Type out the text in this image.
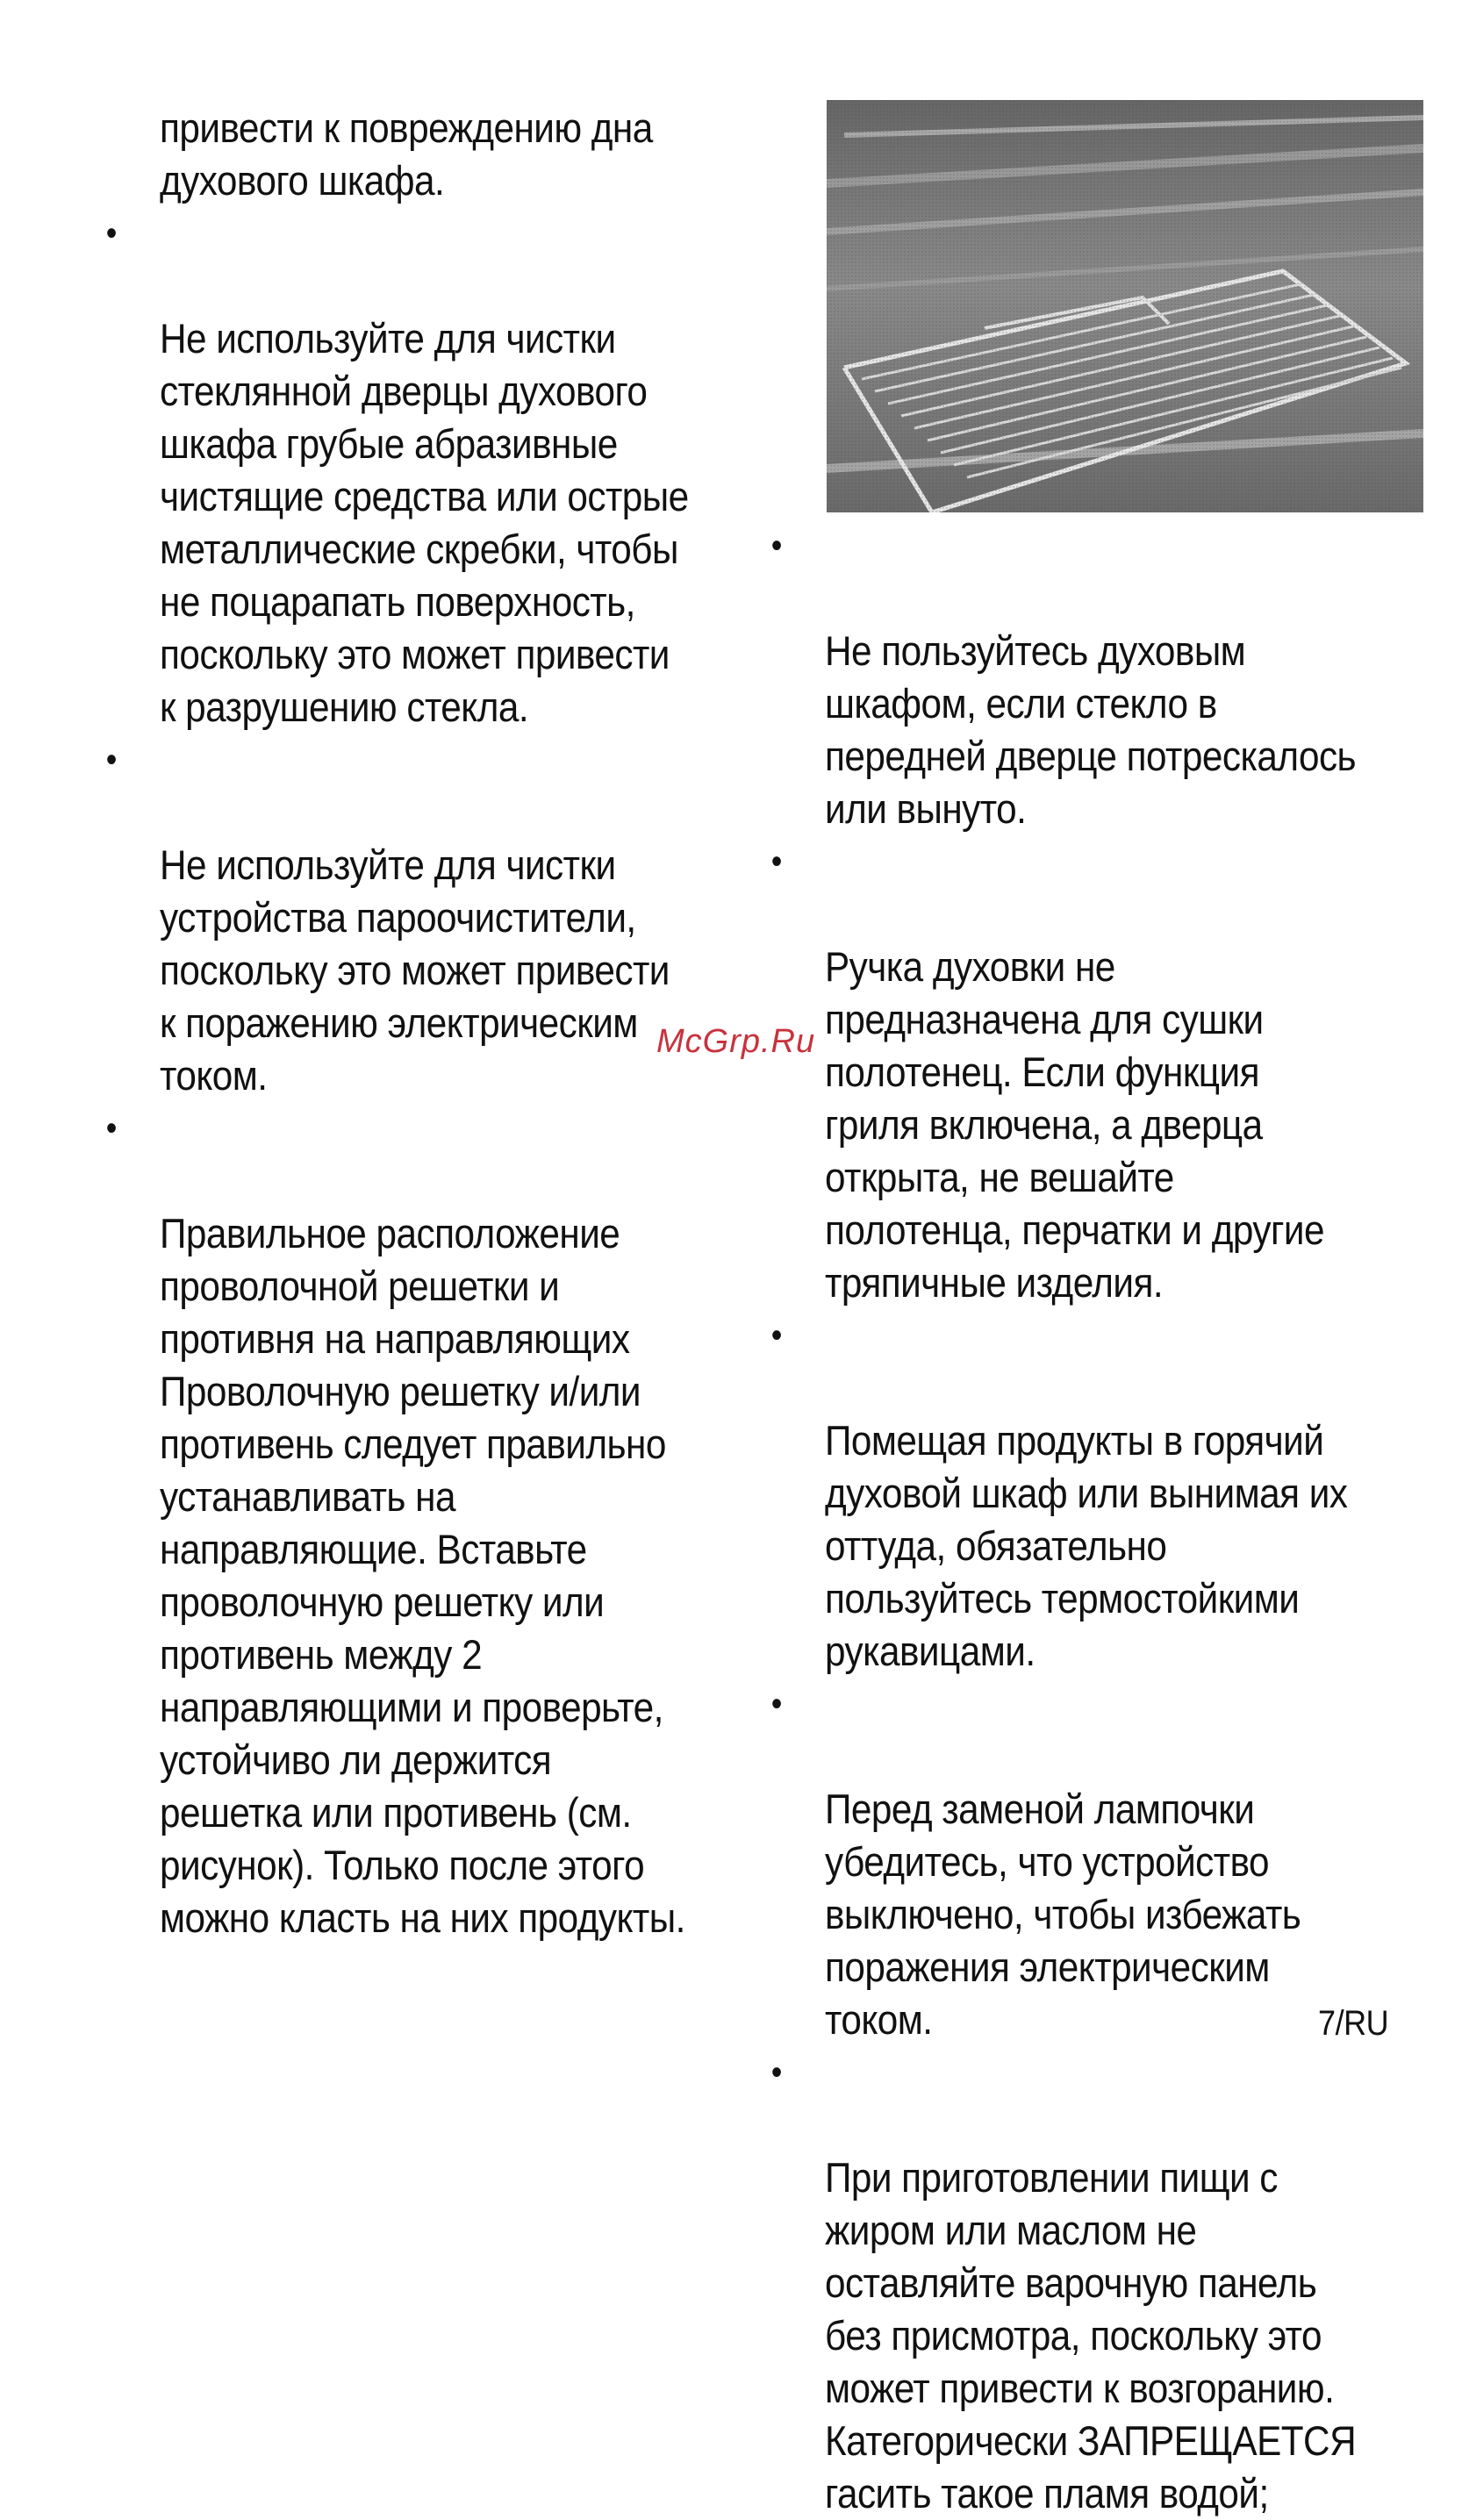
привести к повреждению дна
духового шкафа.

•

Не используйте для чистки
стеклянной дверцы духового
шкафа грубые абразивные
чистящие средства или острые
металлические скребки, чтобы
не поцарапать поверхность,
поскольку это может привести
к разрушению стекла.

•

Не используйте для чистки
устройства пароочистители,
поскольку это может привести
к поражению электрическим
током.

•

Правильное расположение
проволочной решетки и
противня на направляющих
Проволочную решетку и/или
противень следует правильно
устанавливать на
направляющие. Вставьте
проволочную решетку или
противень между 2
направляющими и проверьте,
устойчиво ли держится
решетка или противень (см.
рисунок). Только после этого
можно класть на них продукты.

•

Не пользуйтесь духовым
шкафом, если стекло в
передней дверце потрескалось
или вынуто.

•

Ручка духовки не
предназначена для сушки
полотенец. Если функция
гриля включена, а дверца
открыта, не вешайте
полотенца, перчатки и другие
тряпичные изделия.

•

Помещая продукты в горячий
духовой шкаф или вынимая их
оттуда, обязательно
пользуйтесь термостойкими
рукавицами.

•

Перед заменой лампочки
убедитесь, что устройство
выключено, чтобы избежать
поражения электрическим
током.

•

При приготовлении пищи с
жиром или маслом не
оставляйте варочную панель
без присмотра, поскольку это
может привести к возгоранию.
Категорически ЗАПРЕЩАЕТСЯ
гасить такое пламя водой;

McGrp.Ru
7/RU
